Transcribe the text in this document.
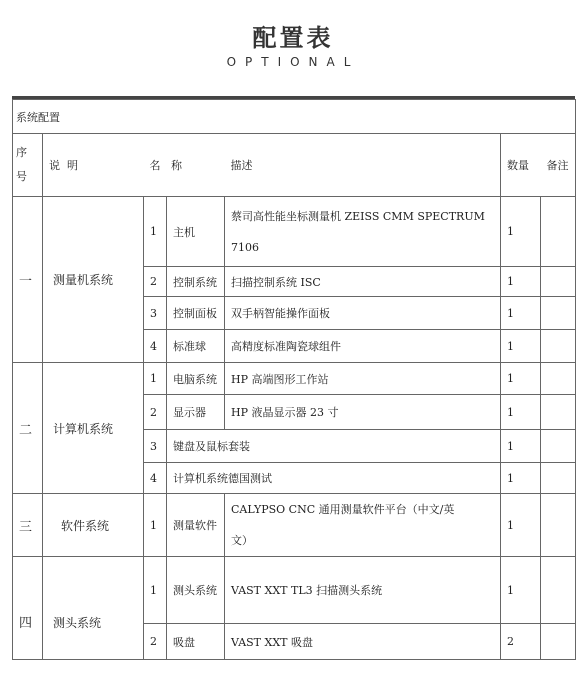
配置表
OPTIONAL
系统配置						
序
号	说  明	名   称		描述	数量	备注
一	测量机系统	1	主机	蔡司高性能坐标测量机 ZEISS CMM SPECTRUM
7106	1	
		2	控制系统	扫描控制系统 ISC	1	
		3	控制面板	双手柄智能操作面板	1	
		4	标准球	高精度标准陶瓷球组件	1	
二	计算机系统	1	电脑系统	HP 高端图形工作站	1	
		2	显示器	HP 液晶显示器 23 寸	1	
		3	键盘及鼠标套装		1	
		4	计算机系统德国测试		1	
三	软件系统	1	测量软件	CALYPSO CNC 通用测量软件平台（中文/英
文）	1	
四	测头系统	1	测头系统	VAST XXT TL3 扫描测头系统	1	
		2	吸盘	VAST XXT 吸盘	2	
